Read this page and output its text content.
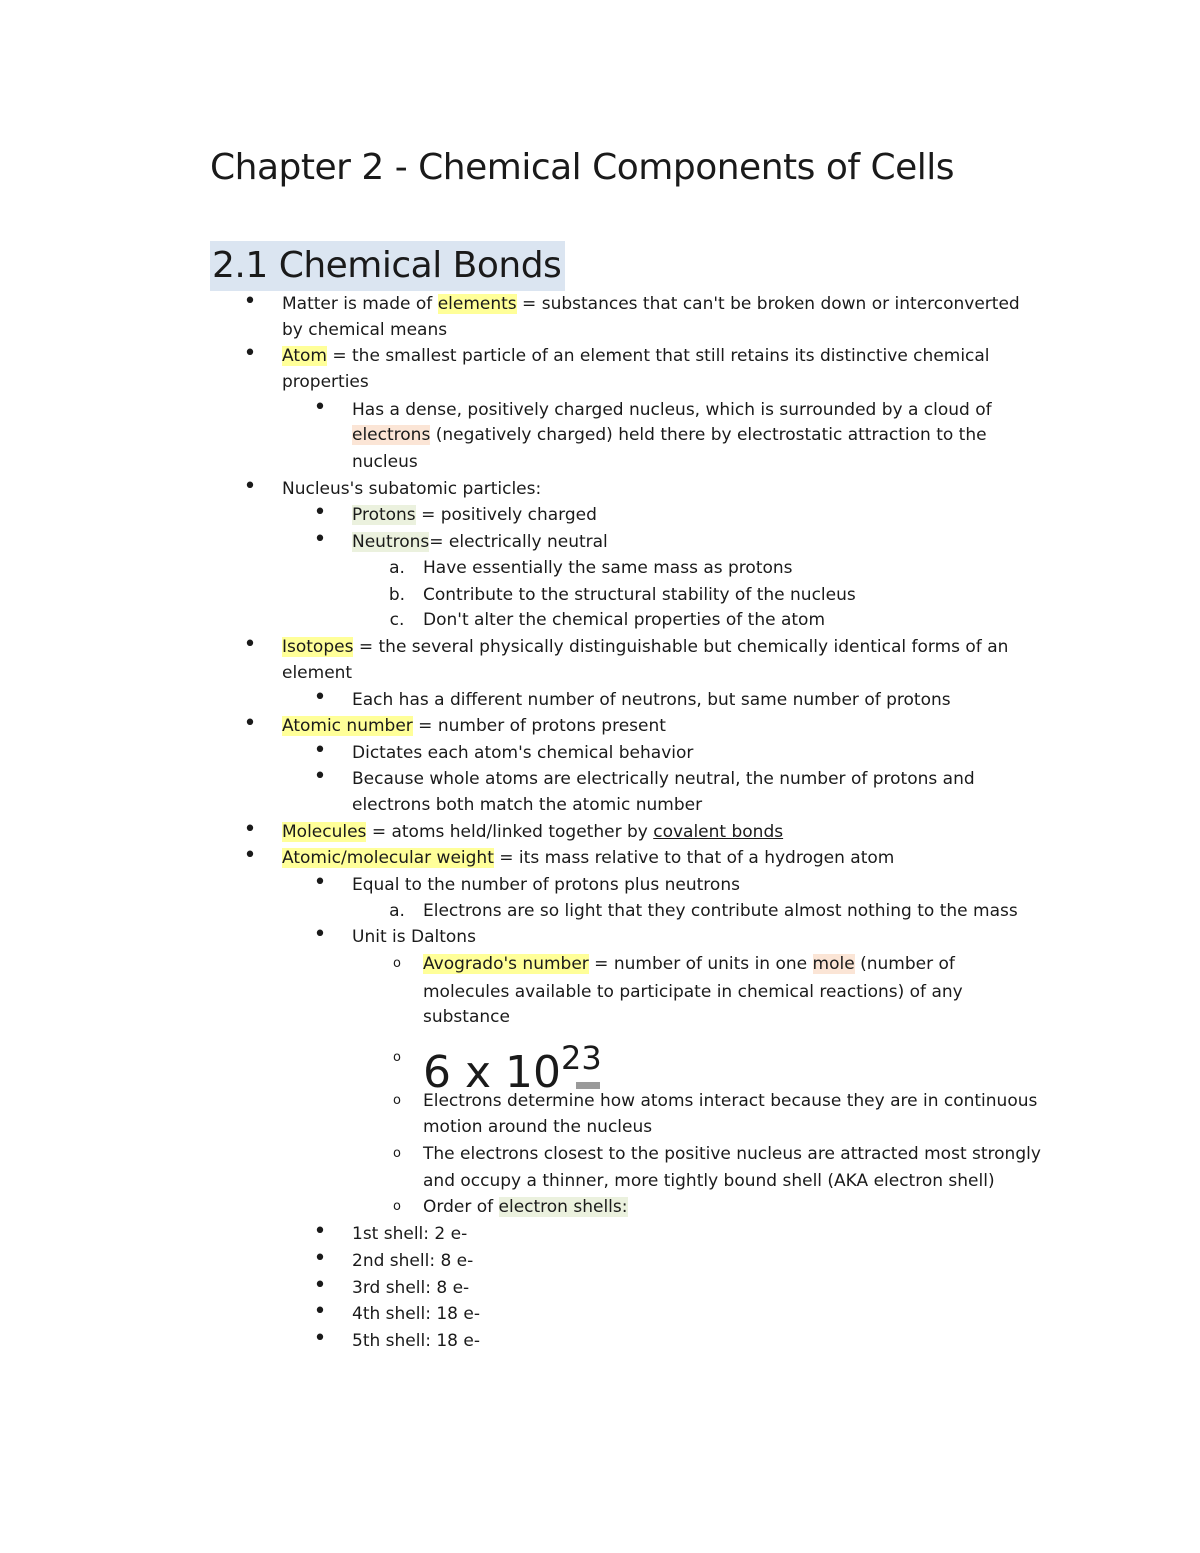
Chapter 2 - Chemical Components of Cells
2.1 Chemical Bonds
•	Matter is made of elements = substances that can't be broken down or interconverted
by chemical means
•	Atom = the smallest particle of an element that still retains its distinctive chemical
properties
•	Has a dense, positively charged nucleus, which is surrounded by a cloud of
electrons (negatively charged) held there by electrostatic attraction to the
nucleus
•	Nucleus's subatomic particles:
•	Protons = positively charged
•	Neutrons= electrically neutral
a. Have essentially the same mass as protons
b. Contribute to the structural stability of the nucleus
c. Don't alter the chemical properties of the atom
•	Isotopes = the several physically distinguishable but chemically identical forms of an
element
•	Each has a different number of neutrons, but same number of protons
•	Atomic number = number of protons present
•	Dictates each atom's chemical behavior
•	Because whole atoms are electrically neutral, the number of protons and
electrons both match the atomic number
•	Molecules = atoms held/linked together by covalent bonds
•	Atomic/molecular weight = its mass relative to that of a hydrogen atom
•	Equal to the number of protons plus neutrons
a. Electrons are so light that they contribute almost nothing to the mass
•	Unit is Daltons
o	Avogrado's number = number of units in one mole (number of
molecules available to participate in chemical reactions) of any
substance
o 6 x $10^{23}$
o	Electrons determine how atoms interact because they are in continuous
motion around the nucleus
o	The electrons closest to the positive nucleus are attracted most strongly
and occupy a thinner, more tightly bound shell (AKA electron shell)
o	Order of electron shells:
•	1st shell: 2 e-
•	2nd shell: 8 e-
•	3rd shell: 8 e-
•	4th shell: 18 e-
•	5th shell: 18 e-
